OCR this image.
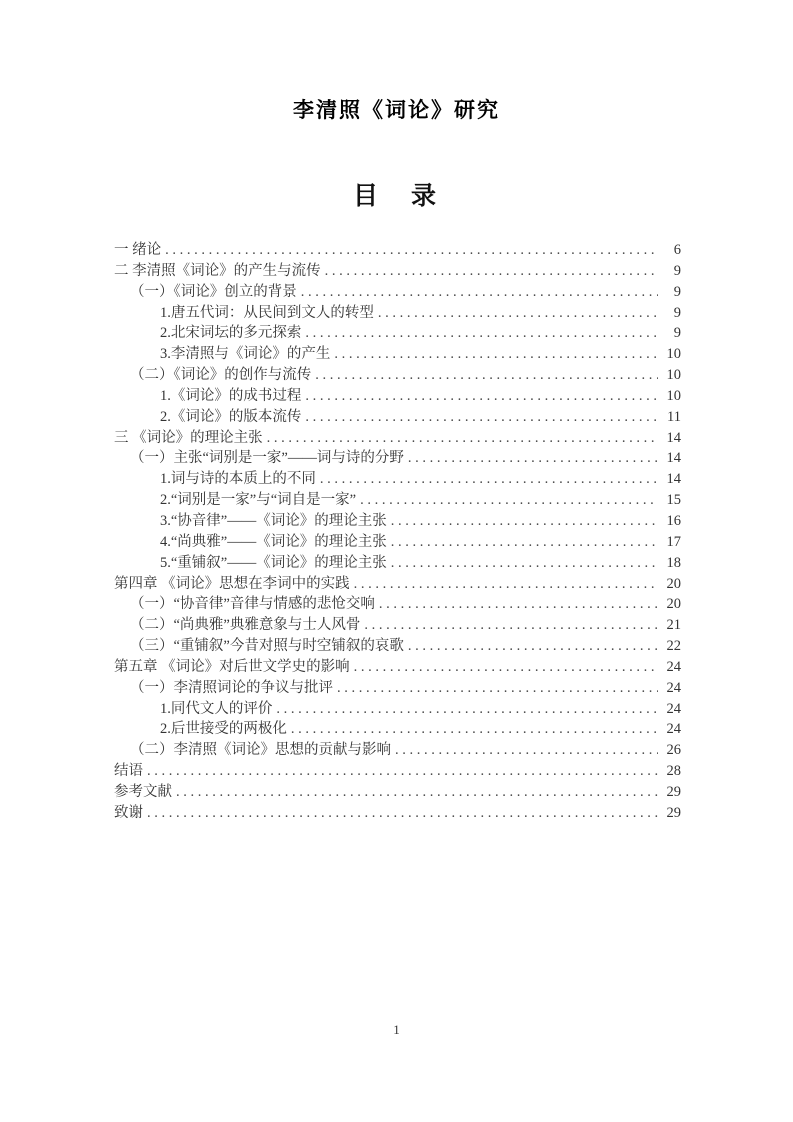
李清照《词论》研究
目　录
一 绪论 . . .	6
二 李清照《词论》的产生与流传 . . .	9
（一）《词论》创立的背景 . . .	9
1.唐五代词：从民间到文人的转型 . . .	9
2.北宋词坛的多元探索 . . .	9
3.李清照与《词论》的产生 . . .	10
（二）《词论》的创作与流传 . . .	10
1.《词论》的成书过程 . . .	10
2.《词论》的版本流传 . . .	11
三 《词论》的理论主张 . . .	14
（一）主张“词别是一家”——词与诗的分野 . . .	14
1.词与诗的本质上的不同 . . .	14
2.“词别是一家”与“词自是一家” . . .	15
3.“协音律”——《词论》的理论主张 . . .	16
4.“尚典雅”——《词论》的理论主张 . . .	17
5.“重铺叙”——《词论》的理论主张 . . .	18
第四章 《词论》思想在李词中的实践 . . .	20
（一）“协音律”音律与情感的悲怆交响 . . .	20
（二）“尚典雅”典雅意象与士人风骨 . . .	21
（三）“重铺叙”今昔对照与时空铺叙的哀歌 . . .	22
第五章 《词论》对后世文学史的影响 . . .	24
（一）李清照词论的争议与批评 . . .	24
1.同代文人的评价 . . .	24
2.后世接受的两极化 . . .	24
（二）李清照《词论》思想的贡献与影响 . . .	26
结语 . . .	28
参考文献 . . .	29
致谢 . . .	29
1
